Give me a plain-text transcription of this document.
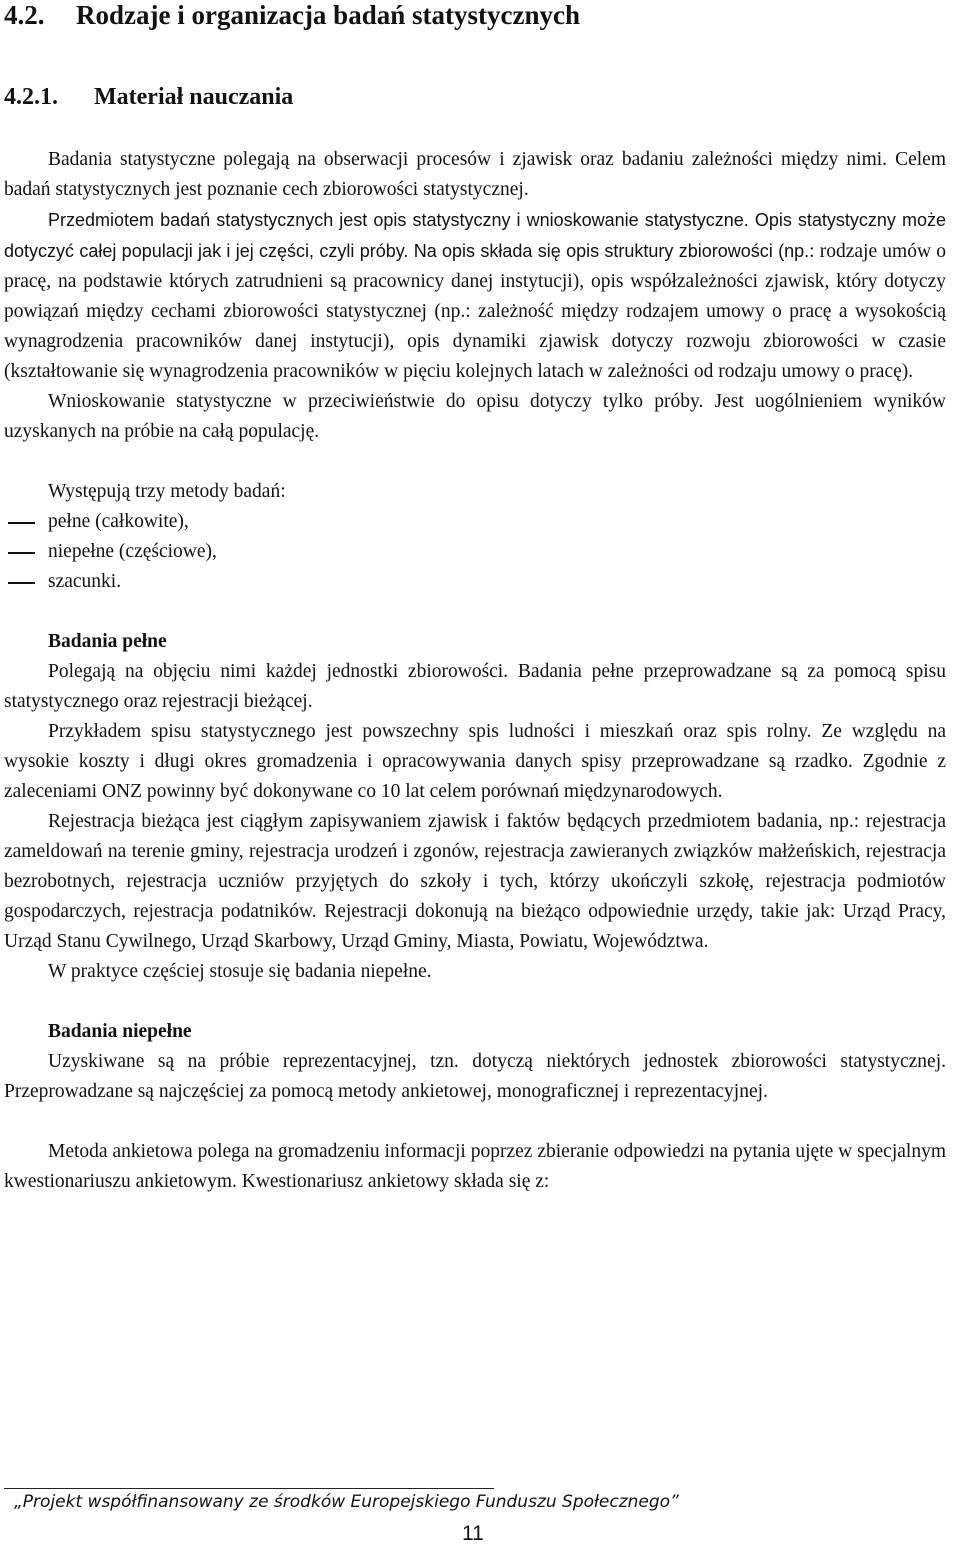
4.2. Rodzaje i organizacja badań statystycznych
4.2.1. Materiał nauczania

Badania statystyczne polegają na obserwacji procesów i zjawisk oraz badaniu zależności między nimi. Celem badań statystycznych jest poznanie cech zbiorowości statystycznej.

Przedmiotem badań statystycznych jest opis statystyczny i wnioskowanie statystyczne. Opis statystyczny może dotyczyć całej populacji jak i jej części, czyli próby. Na opis składa się opis struktury zbiorowości (np.: rodzaje umów o pracę, na podstawie których zatrudnieni są pracownicy danej instytucji), opis współzależności zjawisk, który dotyczy powiązań między cechami zbiorowości statystycznej (np.: zależność między rodzajem umowy o pracę a wysokością wynagrodzenia pracowników danej instytucji), opis dynamiki zjawisk dotyczy rozwoju zbiorowości w czasie (kształtowanie się wynagrodzenia pracowników w pięciu kolejnych latach w zależności od rodzaju umowy o pracę).

Wnioskowanie statystyczne w przeciwieństwie do opisu dotyczy tylko próby. Jest uogólnieniem wyników uzyskanych na próbie na całą populację.

Występują trzy metody badań:

pełne (całkowite),
niepełne (częściowe),
szacunki.

Badania pełne

Polegają na objęciu nimi każdej jednostki zbiorowości. Badania pełne przeprowadzane są za pomocą spisu statystycznego oraz rejestracji bieżącej.

Przykładem spisu statystycznego jest powszechny spis ludności i mieszkań oraz spis rolny. Ze względu na wysokie koszty i długi okres gromadzenia i opracowywania danych spisy przeprowadzane są rzadko. Zgodnie z zaleceniami ONZ powinny być dokonywane co 10 lat celem porównań międzynarodowych.

Rejestracja bieżąca jest ciągłym zapisywaniem zjawisk i faktów będących przedmiotem badania, np.: rejestracja zameldowań na terenie gminy, rejestracja urodzeń i zgonów, rejestracja zawieranych związków małżeńskich, rejestracja bezrobotnych, rejestracja uczniów przyjętych do szkoły i tych, którzy ukończyli szkołę, rejestracja podmiotów gospodarczych, rejestracja podatników. Rejestracji dokonują na bieżąco odpowiednie urzędy, takie jak: Urząd Pracy, Urząd Stanu Cywilnego, Urząd Skarbowy, Urząd Gminy, Miasta, Powiatu, Województwa.

W praktyce częściej stosuje się badania niepełne.

Badania niepełne

Uzyskiwane są na próbie reprezentacyjnej, tzn. dotyczą niektórych jednostek zbiorowości statystycznej. Przeprowadzane są najczęściej za pomocą metody ankietowej, monograficznej i reprezentacyjnej.

Metoda ankietowa polega na gromadzeniu informacji poprzez zbieranie odpowiedzi na pytania ujęte w specjalnym kwestionariuszu ankietowym. Kwestionariusz ankietowy składa się z:

„Projekt współfinansowany ze środków Europejskiego Funduszu Społecznego”
11
